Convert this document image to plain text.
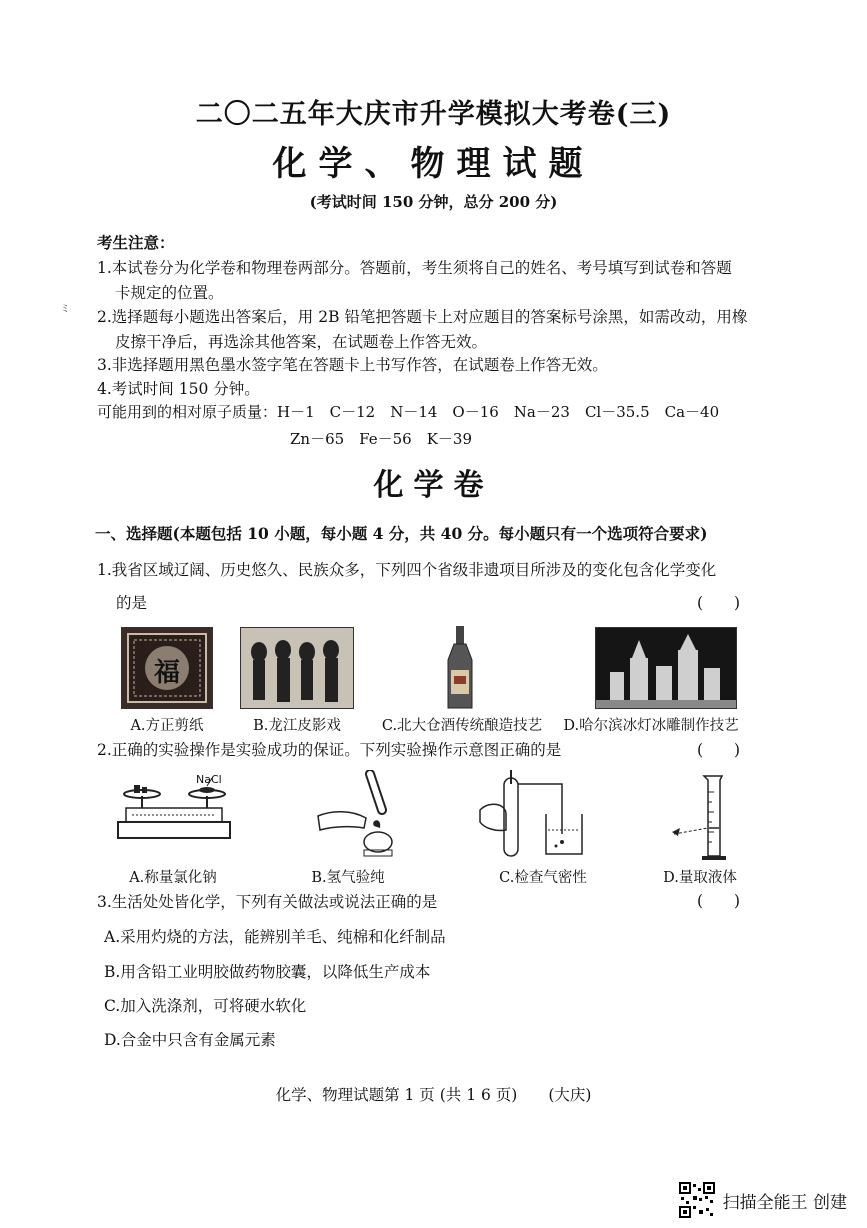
ミ
二〇二五年大庆市升学模拟大考卷(三)
化学、物理试题
(考试时间 150 分钟，总分 200 分)
考生注意：
1.本试卷分为化学卷和物理卷两部分。答题前，考生须将自己的姓名、考号填写到试卷和答题
卡规定的位置。
2.选择题每小题选出答案后，用 2B 铅笔把答题卡上对应题目的答案标号涂黑，如需改动，用橡
皮擦干净后，再选涂其他答案，在试题卷上作答无效。
3.非选择题用黑色墨水签字笔在答题卡上书写作答，在试题卷上作答无效。
4.考试时间 150 分钟。
可能用到的相对原子质量：H－1　C－12　N－14　O－16　Na－23　Cl－35.5　Ca－40
Zn－65　Fe－56　K－39
化学卷
一、选择题(本题包括 10 小题，每小题 4 分，共 40 分。每小题只有一个选项符合要求)
1.我省区域辽阔、历史悠久、民族众多，下列四个省级非遗项目所涉及的变化包含化学变化
的是	(　　)
福
A.方正剪纸	B.龙江皮影戏	C.北大仓酒传统酿造技艺	D.哈尔滨冰灯冰雕制作技艺
2.正确的实验操作是实验成功的保证。下列实验操作示意图正确的是	(　　)
NaCl
A.称量氯化钠	B.氢气验纯	C.检查气密性	D.量取液体
3.生活处处皆化学，下列有关做法或说法正确的是	(　　)
A.采用灼烧的方法，能辨别羊毛、纯棉和化纤制品
B.用含铅工业明胶做药物胶囊，以降低生产成本
C.加入洗涤剂，可将硬水软化
D.合金中只含有金属元素
化学、物理试题第 1 页 (共 1 6 页)　　(大庆)
扫描全能王 创建
